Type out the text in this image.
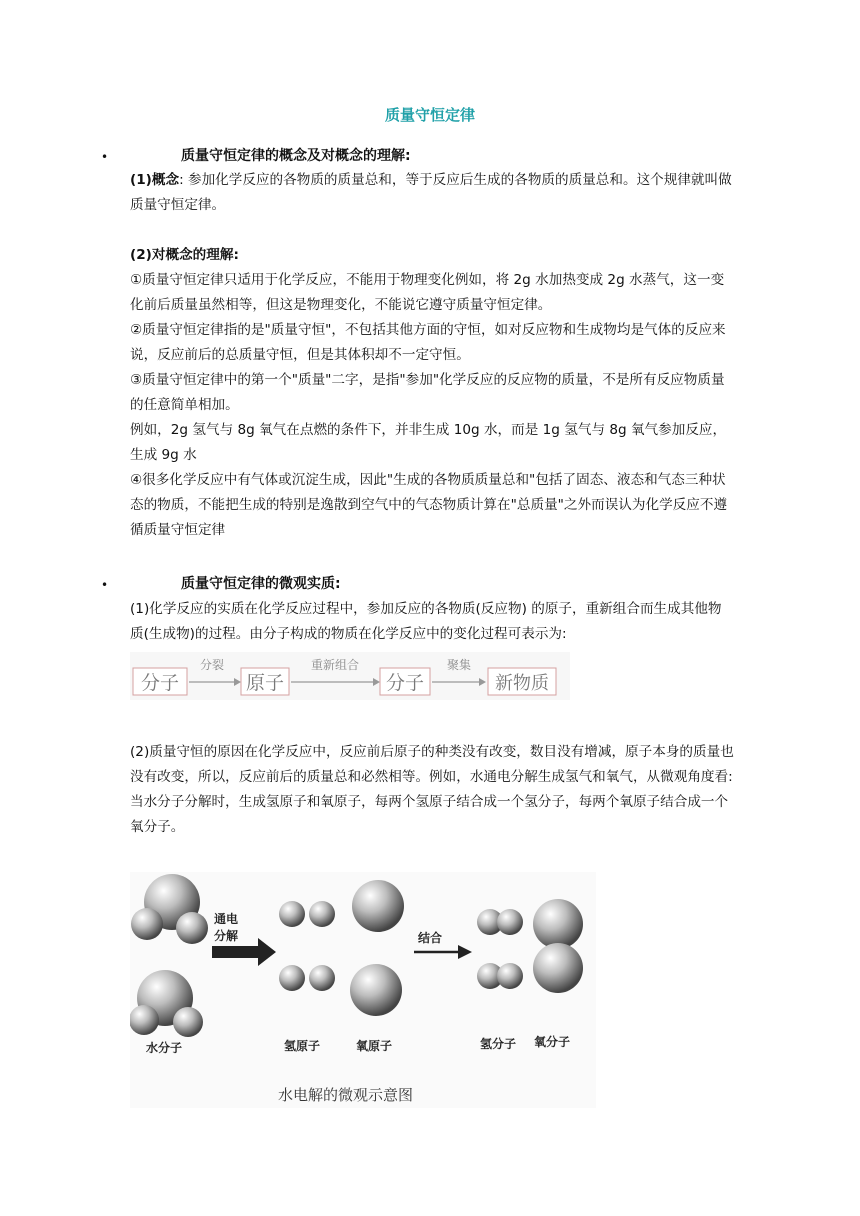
质量守恒定律
•	质量守恒定律的概念及对概念的理解:

(1)概念: 参加化学反应的各物质的质量总和，等于反应后生成的各物质的质量总和。这个规律就叫做质量守恒定律。

(2)对概念的理解:

①质量守恒定律只适用于化学反应，不能用于物理变化例如，将 2g 水加热变成 2g 水蒸气，这一变化前后质量虽然相等，但这是物理变化，不能说它遵守质量守恒定律。

②质量守恒定律指的是"质量守恒"，不包括其他方面的守恒，如对反应物和生成物均是气体的反应来说，反应前后的总质量守恒，但是其体积却不一定守恒。

③质量守恒定律中的第一个"质量"二字，是指"参加"化学反应的反应物的质量，不是所有反应物质量的任意简单相加。

例如，2g 氢气与 8g 氧气在点燃的条件下，并非生成 10g 水，而是 1g 氢气与 8g 氧气参加反应，生成 9g 水

④很多化学反应中有气体或沉淀生成，因此"生成的各物质质量总和"包括了固态、液态和气态三种状态的物质，不能把生成的特别是逸散到空气中的气态物质计算在"总质量"之外而误认为化学反应不遵循质量守恒定律

•	质量守恒定律的微观实质:

(1)化学反应的实质在化学反应过程中，参加反应的各物质(反应物) 的原子，重新组合而生成其他物质(生成物)的过程。由分子构成的物质在化学反应中的变化过程可表示为:

分子
分裂
原子
重新组合
分子
聚集
新物质

(2)质量守恒的原因在化学反应中，反应前后原子的种类没有改变，数目没有增减，原子本身的质量也没有改变，所以，反应前后的质量总和必然相等。例如，水通电分解生成氢气和氧气，从微观角度看:当水分子分解时，生成氢原子和氧原子，每两个氢原子结合成一个氢分子，每两个氧原子结合成一个氧分子。

水分子
通电
分解
氢原子	氧原子
结合
氢分子 氧分子
水电解的微观示意图
